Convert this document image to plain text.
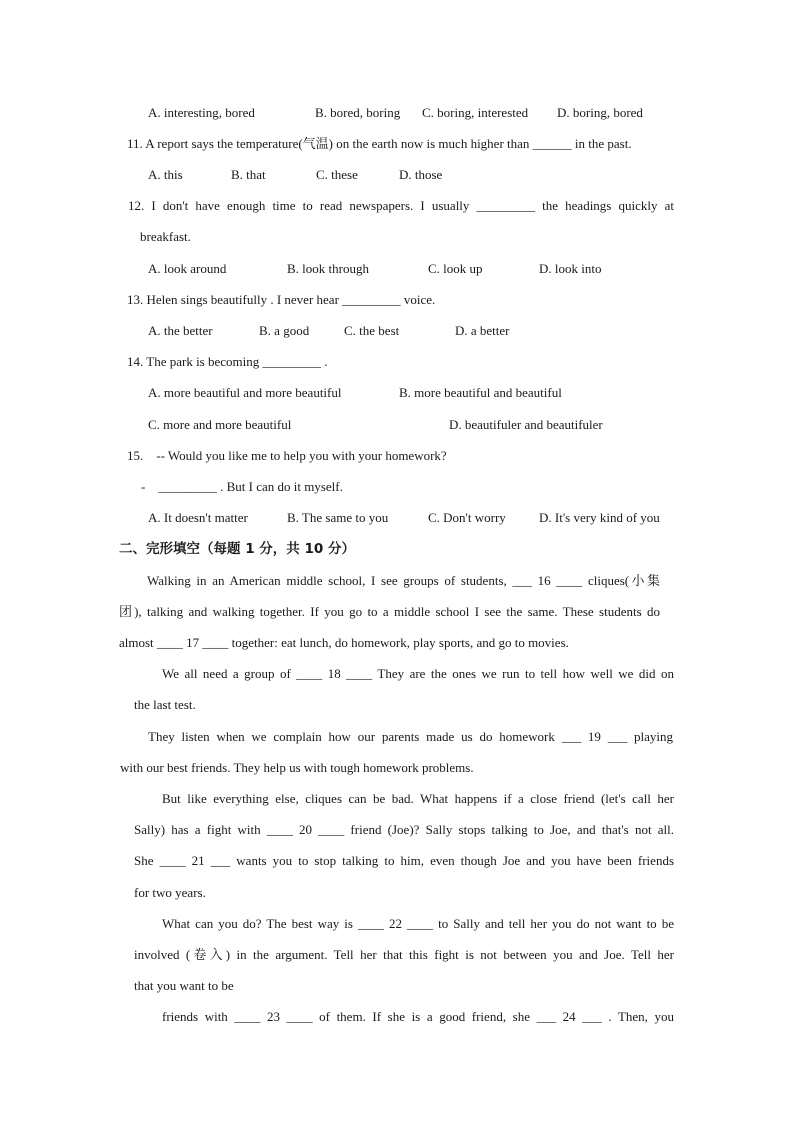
A. interesting, bored	B. bored, boring C. boring, interested D. boring, bored
11. A report says the temperature(气温) on the earth now is much higher than ______ in the past.
A. this	B. that	C. these	D. those
12. I don't have enough time to read newspapers. I usually _________ the headings quickly at
breakfast.
A. look around	B. look through	C. look up	D. look into
13. Helen sings beautifully . I never hear _________ voice.
A. the better	B. a good	C. the best	D. a better
14. The park is becoming _________ .
A. more beautiful and more beautiful	B. more beautiful and beautiful
C. more and more beautiful	D. beautifuler and beautifuler
15.    -- Would you like me to help you with your homework?
-    _________ . But I can do it myself.
A. It doesn't matter	B. The same to you	C. Don't worry	D. It's very kind of you
二、完形填空（每题 1 分，共 10 分）
Walking in an American middle school, I see groups of students, ___ 16 ____ cliques(小集
团), talking and walking together. If you go to a middle school I see the same. These students do
almost ____ 17 ____ together: eat lunch, do homework, play sports, and go to movies.
We all need a group of ____ 18 ____ They are the ones we run to tell how well we did on
the last test.
They listen when we complain how our parents made us do homework ___ 19 ___ playing
with our best friends. They help us with tough homework problems.
But like everything else, cliques can be bad. What happens if a close friend (let's call her
Sally) has a fight with ____ 20 ____ friend (Joe)? Sally stops talking to Joe, and that's not all.
She ____ 21 ___ wants you to stop talking to him, even though Joe and you have been friends
for two years.
What can you do? The best way is ____ 22 ____ to Sally and tell her you do not want to be
involved (卷入) in the argument. Tell her that this fight is not between you and Joe. Tell her
that you want to be
friends with ____ 23 ____ of them. If she is a good friend, she ___ 24 ___ . Then, you
